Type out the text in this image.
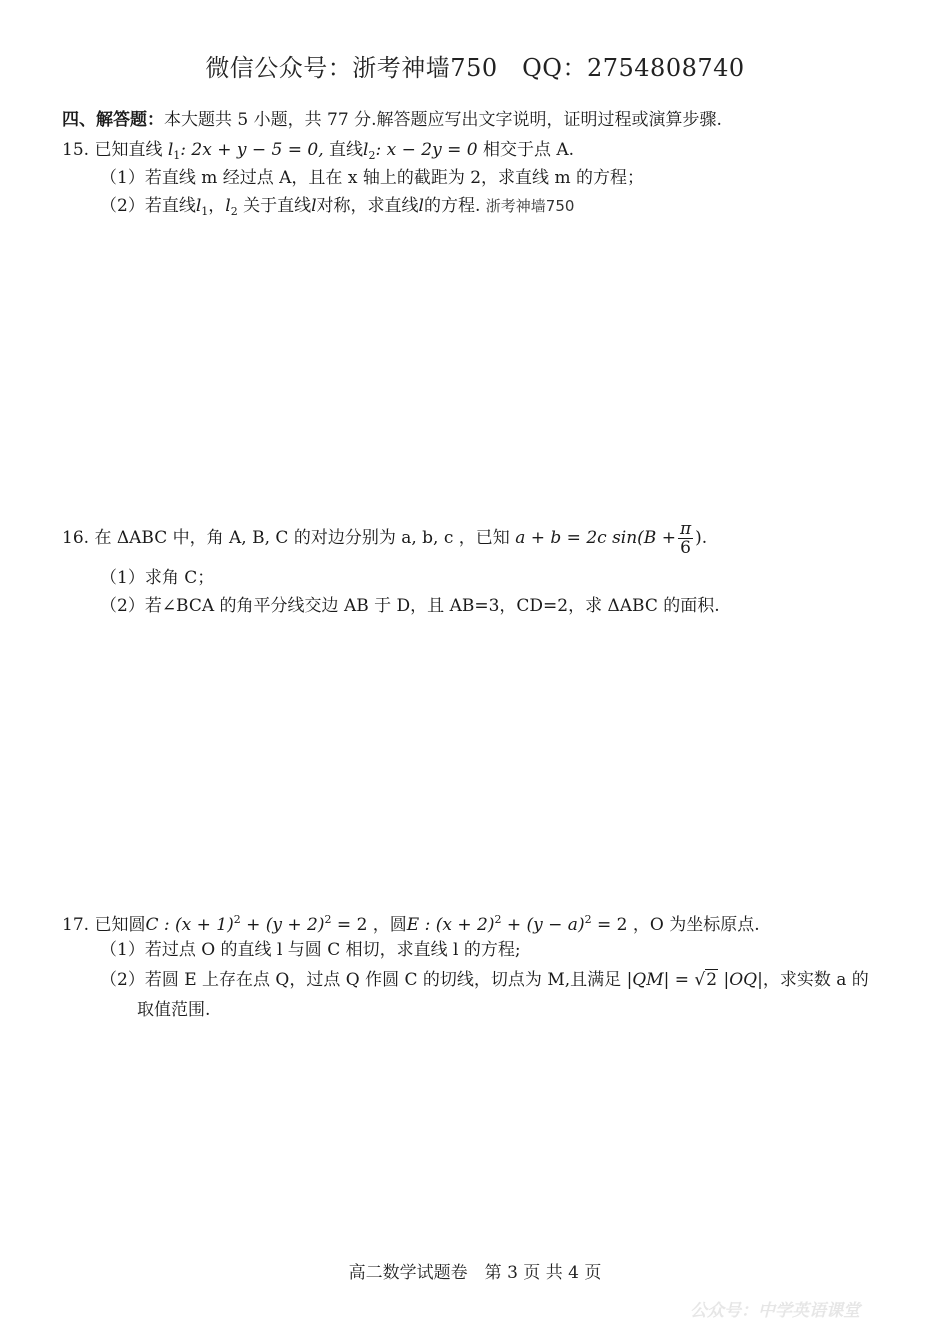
微信公众号：浙考神墙750　QQ：2754808740
四、解答题：本大题共 5 小题，共 77 分.解答题应写出文字说明，证明过程或演算步骤.
15. 已知直线 $l_1$: 2x + y − 5 = 0, 直线$l_2$: x − 2y = 0 相交于点 A.
（1）若直线 m 经过点 A，且在 x 轴上的截距为 2，求直线 m 的方程；
（2）若直线$l_1$，$l_2$ 关于直线l对称，求直线l的方程. 浙考神墙750
16. 在 ΔABC 中，角 A, B, C 的对边分别为 a, b, c ，已知 a + b = 2c $\sin(B + \frac{\pi}{6}$ ).
（1）求角 C；
（2）若∠BCA 的角平分线交边 AB 于 D，且 AB=3，CD=2，求 ΔABC 的面积.
17. 已知圆C : $(x + 1)^2 + (y + 2)^2 = 2$ ，圆E : $(x + 2)^2 + (y - a)^2 = 2$ ，O 为坐标原点.
（1）若过点 O 的直线 l 与圆 C 相切，求直线 l 的方程;
（2）若圆 E 上存在点 Q，过点 Q 作圆 C 的切线，切点为 M,且满足 |QM| = √2 |OQ|，求实数 a 的
取值范围.
高二数学试题卷　第 3 页 共 4 页
公众号：中学英语课堂
